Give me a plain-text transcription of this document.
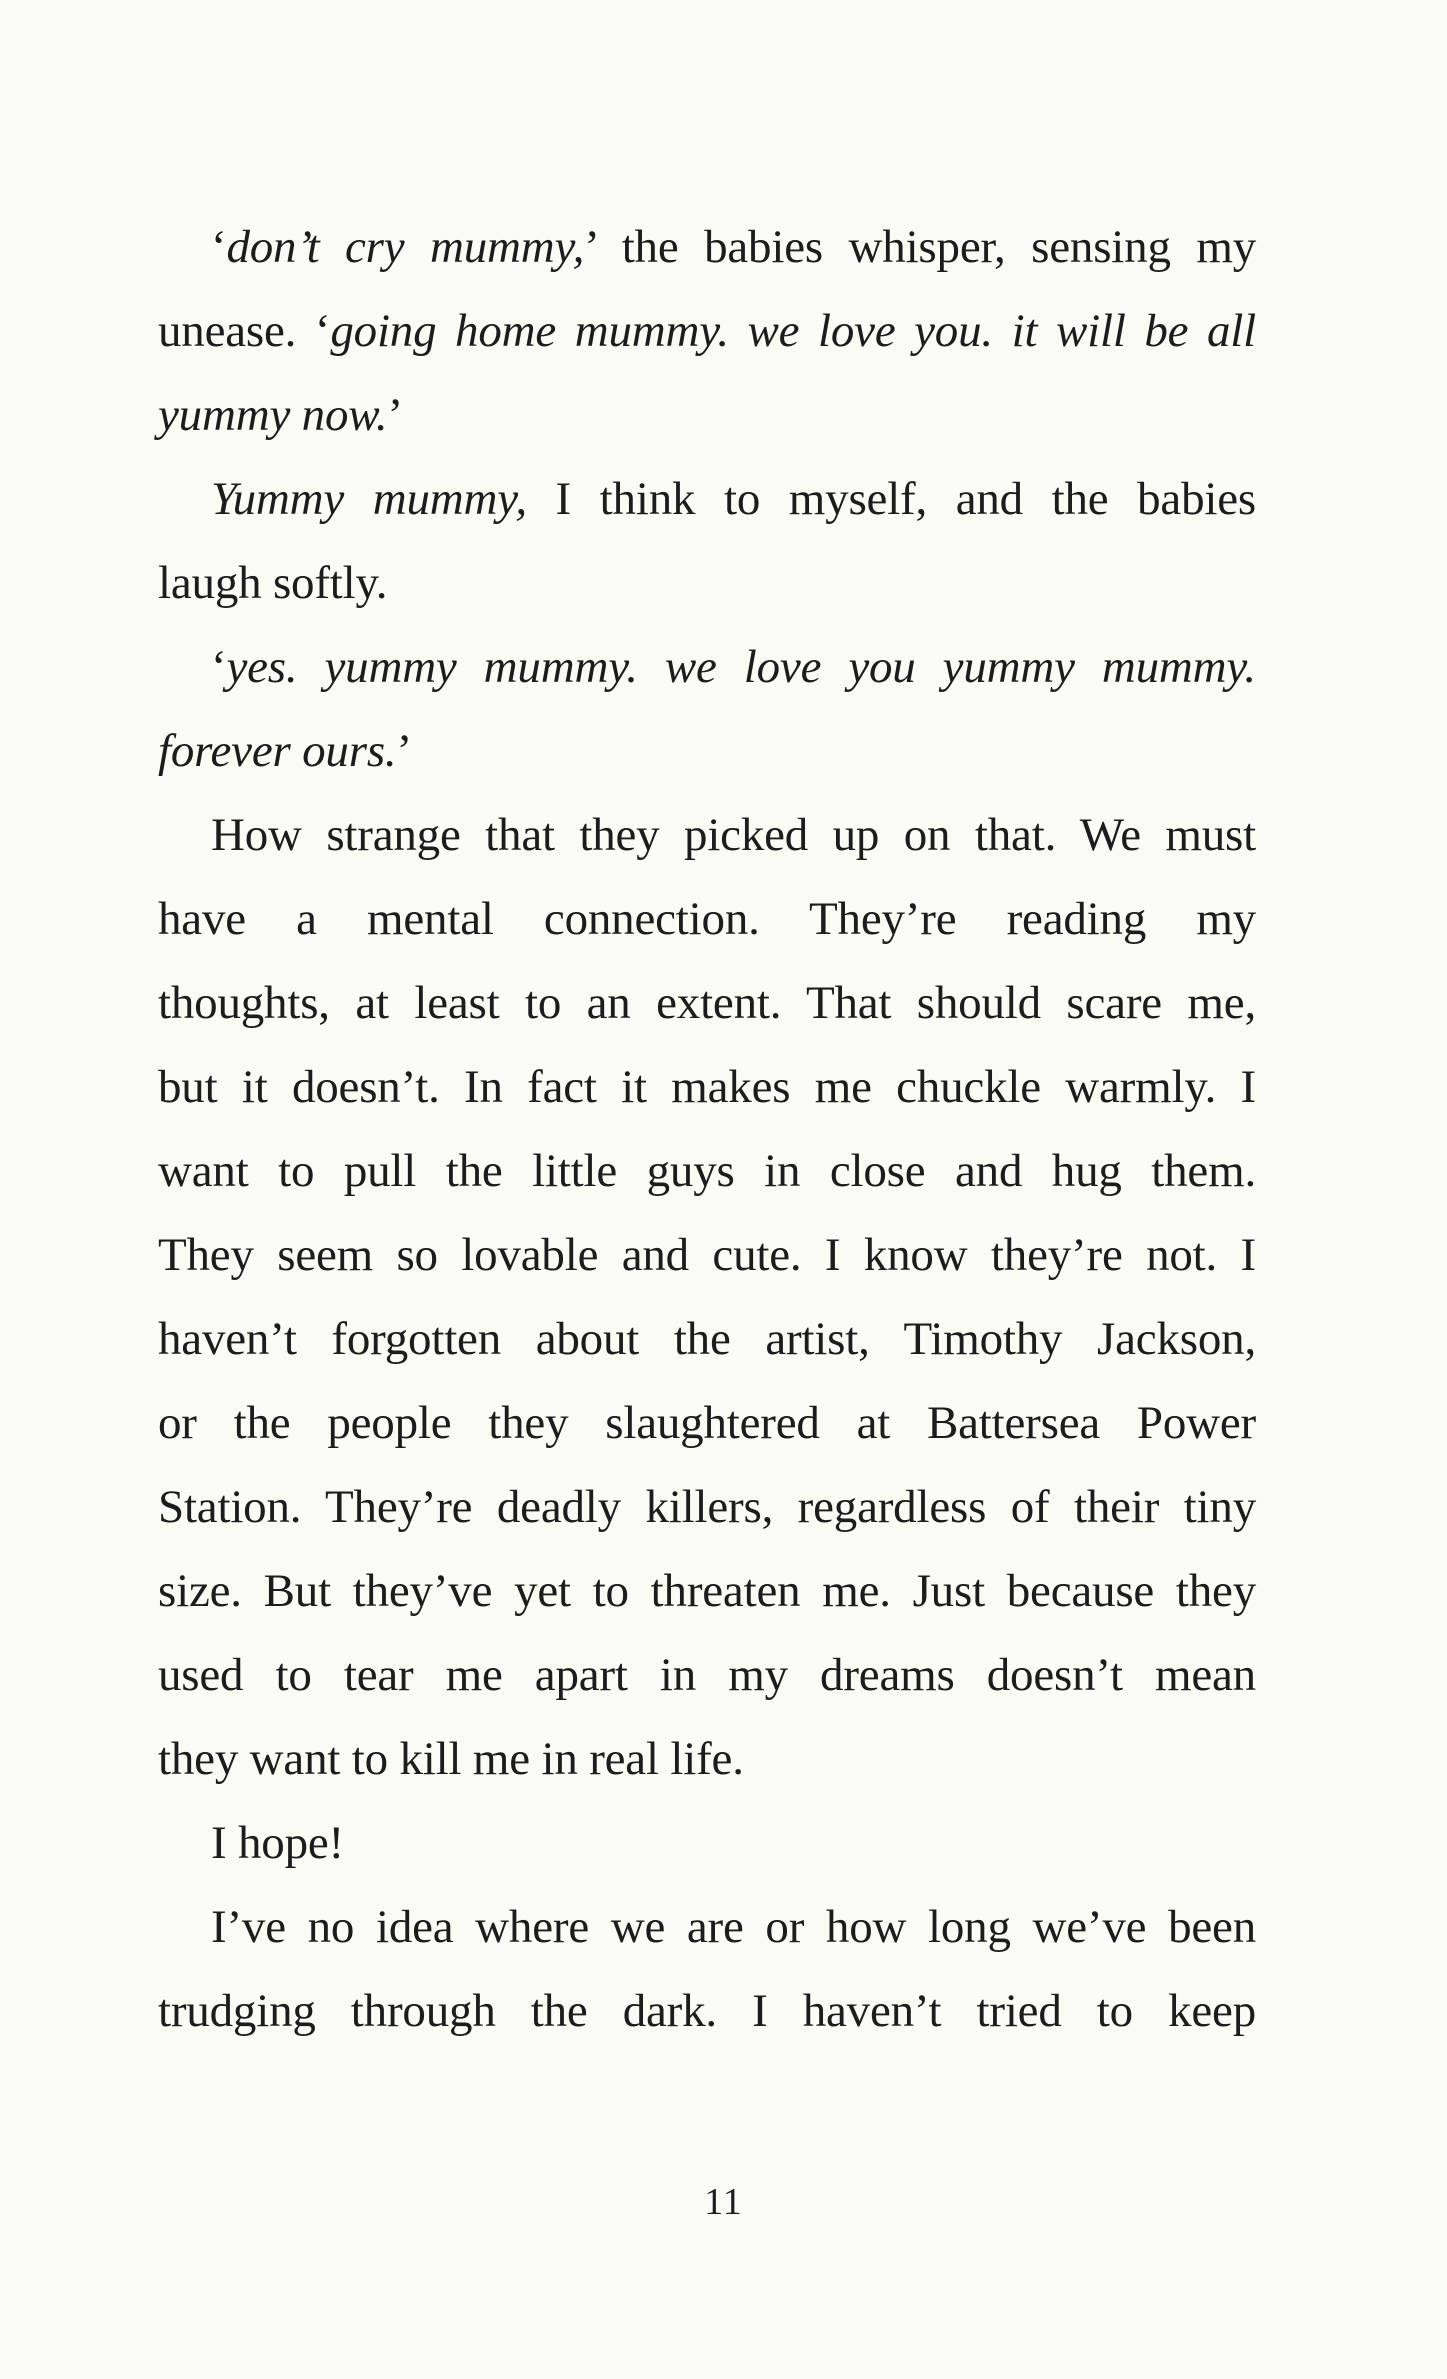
‘don’t cry mummy,’ the babies whisper, sensing my
unease. ‘going home mummy. we love you. it will be all
yummy now.’
Yummy mummy, I think to myself, and the babies
laugh softly.
‘yes. yummy mummy. we love you yummy mummy.
forever ours.’
How strange that they picked up on that. We must
have a mental connection. They’re reading my
thoughts, at least to an extent. That should scare me,
but it doesn’t. In fact it makes me chuckle warmly. I
want to pull the little guys in close and hug them.
They seem so lovable and cute. I know they’re not. I
haven’t forgotten about the artist, Timothy Jackson,
or the people they slaughtered at Battersea Power
Station. They’re deadly killers, regardless of their tiny
size. But they’ve yet to threaten me. Just because they
used to tear me apart in my dreams doesn’t mean
they want to kill me in real life.
I hope!
I’ve no idea where we are or how long we’ve been
trudging through the dark. I haven’t tried to keep
11
